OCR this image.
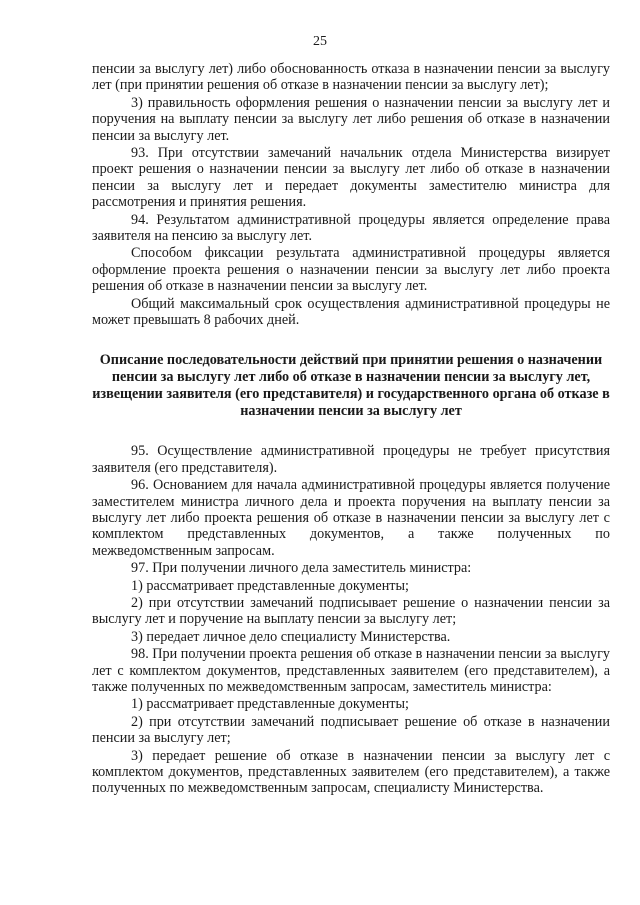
25

пенсии за выслугу лет) либо обоснованность отказа в назначении пенсии за выслугу лет (при принятии решения об отказе в назначении пенсии за выслугу лет);

3) правильность оформления решения о назначении пенсии за выслугу лет и поручения на выплату пенсии за выслугу лет либо решения об отказе в назначении пенсии за выслугу лет.

93. При отсутствии замечаний начальник отдела Министерства визирует проект решения о назначении пенсии за выслугу лет либо об отказе в назначении пенсии за выслугу лет и передает документы заместителю министра для рассмотрения и принятия решения.

94. Результатом административной процедуры является определение права заявителя на пенсию за выслугу лет.

Способом фиксации результата административной процедуры является оформление проекта решения о назначении пенсии за выслугу лет либо проекта решения об отказе в назначении пенсии за выслугу лет.

Общий максимальный срок осуществления административной процедуры не может превышать 8 рабочих дней.

Описание последовательности действий при принятии решения о назначении пенсии за выслугу лет либо об отказе в назначении пенсии за выслугу лет, извещении заявителя (его представителя) и государственного органа об отказе в назначении пенсии за выслугу лет

95. Осуществление административной процедуры не требует присутствия заявителя (его представителя).

96. Основанием для начала административной процедуры является получение заместителем министра личного дела и проекта поручения на выплату пенсии за выслугу лет либо проекта решения об отказе в назначении пенсии за выслугу лет с комплектом представленных документов, а также полученных по межведомственным запросам.

97. При получении личного дела заместитель министра:

1) рассматривает представленные документы;

2) при отсутствии замечаний подписывает решение о назначении пенсии за выслугу лет и поручение на выплату пенсии за выслугу лет;

3) передает личное дело специалисту Министерства.

98. При получении проекта решения об отказе в назначении пенсии за выслугу лет с комплектом документов, представленных заявителем (его представителем), а также полученных по межведомственным запросам, заместитель министра:

1) рассматривает представленные документы;

2) при отсутствии замечаний подписывает решение об отказе в назначении пенсии за выслугу лет;

3) передает решение об отказе в назначении пенсии за выслугу лет с комплектом документов, представленных заявителем (его представителем), а также полученных по межведомственным запросам, специалисту Министерства.
